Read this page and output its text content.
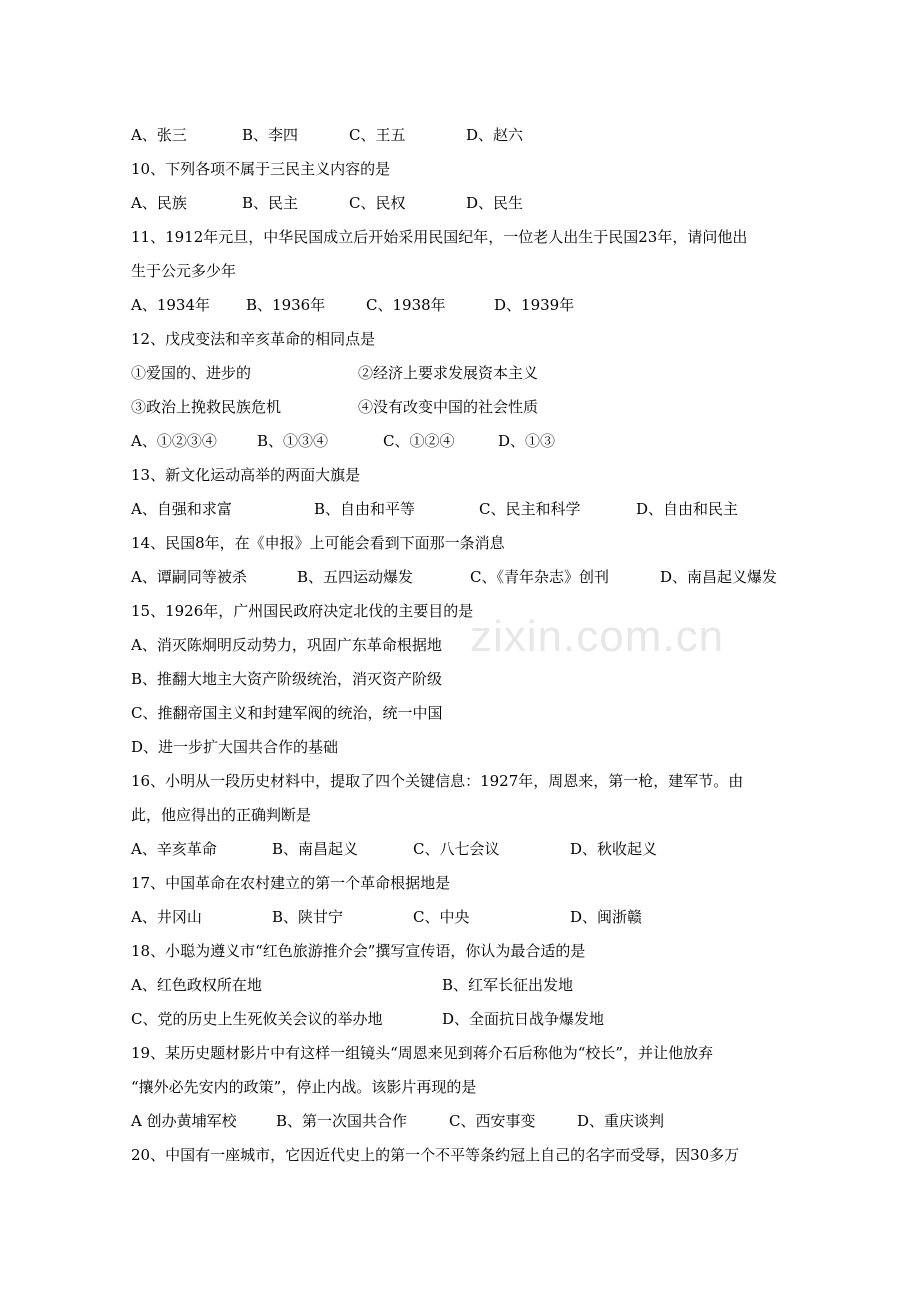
zixin.com.cn
A、张三	B、李四	C、王五	D、赵六
10、下列各项不属于三民主义内容的是
A、民族	B、民主	C、民权	D、民生
11、1912年元旦，中华民国成立后开始采用民国纪年，一位老人出生于民国23年，请问他出
生于公元多少年
A、1934年 B、1936年	C、1938年	D、1939年
12、戊戌变法和辛亥革命的相同点是
①爱国的、进步的	②经济上要求发展资本主义
③政治上挽救民族危机	④没有改变中国的社会性质
A、①②③④	B、①③④	C、①②④	D、①③
13、新文化运动高举的两面大旗是
A、自强和求富	B、自由和平等	C、民主和科学	D、自由和民主
14、民国8年，在《申报》上可能会看到下面那一条消息
A、谭嗣同等被杀	B、五四运动爆发	C、《青年杂志》创刊	D、南昌起义爆发
15、1926年，广州国民政府决定北伐的主要目的是
A、消灭陈炯明反动势力，巩固广东革命根据地
B、推翻大地主大资产阶级统治，消灭资产阶级
C、推翻帝国主义和封建军阀的统治，统一中国
D、进一步扩大国共合作的基础
16、小明从一段历史材料中，提取了四个关键信息：1927年，周恩来，第一枪，建军节。由
此，他应得出的正确判断是
A、辛亥革命	B、南昌起义	C、八七会议	D、秋收起义
17、中国革命在农村建立的第一个革命根据地是
A、井冈山	B、陕甘宁	C、中央	D、闽浙赣
18、小聪为遵义市“红色旅游推介会”撰写宣传语，你认为最合适的是
A、红色政权所在地	B、红军长征出发地
C、党的历史上生死攸关会议的举办地	D、全面抗日战争爆发地
19、某历史题材影片中有这样一组镜头“周恩来见到蒋介石后称他为“校长”，并让他放弃
“攘外必先安内的政策”，停止内战。该影片再现的是
A 创办黄埔军校	B、第一次国共合作	C、西安事变	D、重庆谈判
20、中国有一座城市，它因近代史上的第一个不平等条约冠上自己的名字而受辱，因30多万
